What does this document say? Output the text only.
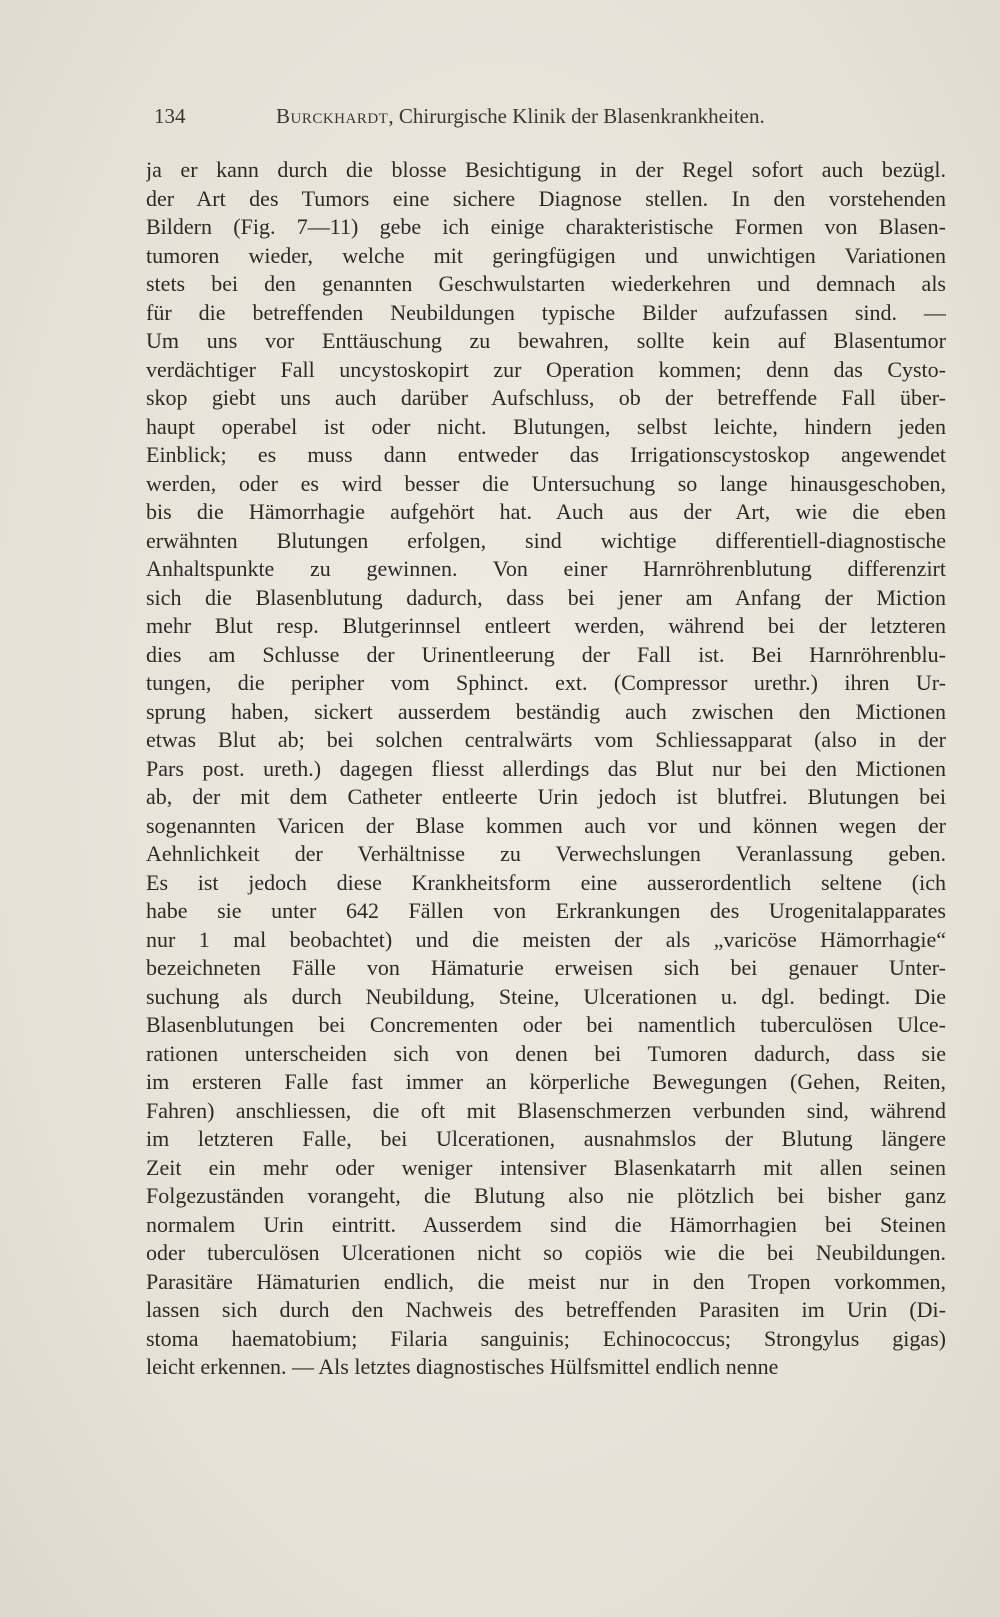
134	Burckhardt, Chirurgische Klinik der Blasenkrankheiten.
ja er kann durch die blosse Besichtigung in der Regel sofort auch bezügl.
der Art des Tumors eine sichere Diagnose stellen. In den vorstehenden
Bildern (Fig. 7—11) gebe ich einige charakteristische Formen von Blasen-
tumoren wieder, welche mit geringfügigen und unwichtigen Variationen
stets bei den genannten Geschwulstarten wiederkehren und demnach als
für die betreffenden Neubildungen typische Bilder aufzufassen sind. —
Um uns vor Enttäuschung zu bewahren, sollte kein auf Blasentumor
verdächtiger Fall uncystoskopirt zur Operation kommen; denn das Cysto-
skop giebt uns auch darüber Aufschluss, ob der betreffende Fall über-
haupt operabel ist oder nicht. Blutungen, selbst leichte, hindern jeden
Einblick; es muss dann entweder das Irrigationscystoskop angewendet
werden, oder es wird besser die Untersuchung so lange hinausgeschoben,
bis die Hämorrhagie aufgehört hat. Auch aus der Art, wie die eben
erwähnten Blutungen erfolgen, sind wichtige differentiell-diagnostische
Anhaltspunkte zu gewinnen. Von einer Harnröhrenblutung differenzirt
sich die Blasenblutung dadurch, dass bei jener am Anfang der Miction
mehr Blut resp. Blutgerinnsel entleert werden, während bei der letzteren
dies am Schlusse der Urinentleerung der Fall ist. Bei Harnröhrenblu-
tungen, die peripher vom Sphinct. ext. (Compressor urethr.) ihren Ur-
sprung haben, sickert ausserdem beständig auch zwischen den Mictionen
etwas Blut ab; bei solchen centralwärts vom Schliessapparat (also in der
Pars post. ureth.) dagegen fliesst allerdings das Blut nur bei den Mictionen
ab, der mit dem Catheter entleerte Urin jedoch ist blutfrei. Blutungen bei
sogenannten Varicen der Blase kommen auch vor und können wegen der
Aehnlichkeit der Verhältnisse zu Verwechslungen Veranlassung geben.
Es ist jedoch diese Krankheitsform eine ausserordentlich seltene (ich
habe sie unter 642 Fällen von Erkrankungen des Urogenitalapparates
nur 1 mal beobachtet) und die meisten der als „varicöse Hämorrhagie“
bezeichneten Fälle von Hämaturie erweisen sich bei genauer Unter-
suchung als durch Neubildung, Steine, Ulcerationen u. dgl. bedingt. Die
Blasenblutungen bei Concrementen oder bei namentlich tuberculösen Ulce-
rationen unterscheiden sich von denen bei Tumoren dadurch, dass sie
im ersteren Falle fast immer an körperliche Bewegungen (Gehen, Reiten,
Fahren) anschliessen, die oft mit Blasenschmerzen verbunden sind, während
im letzteren Falle, bei Ulcerationen, ausnahmslos der Blutung längere
Zeit ein mehr oder weniger intensiver Blasenkatarrh mit allen seinen
Folgezuständen vorangeht, die Blutung also nie plötzlich bei bisher ganz
normalem Urin eintritt. Ausserdem sind die Hämorrhagien bei Steinen
oder tuberculösen Ulcerationen nicht so copiös wie die bei Neubildungen.
Parasitäre Hämaturien endlich, die meist nur in den Tropen vorkommen,
lassen sich durch den Nachweis des betreffenden Parasiten im Urin (Di-
stoma haematobium; Filaria sanguinis; Echinococcus; Strongylus gigas)
leicht erkennen. — Als letztes diagnostisches Hülfsmittel endlich nenne
